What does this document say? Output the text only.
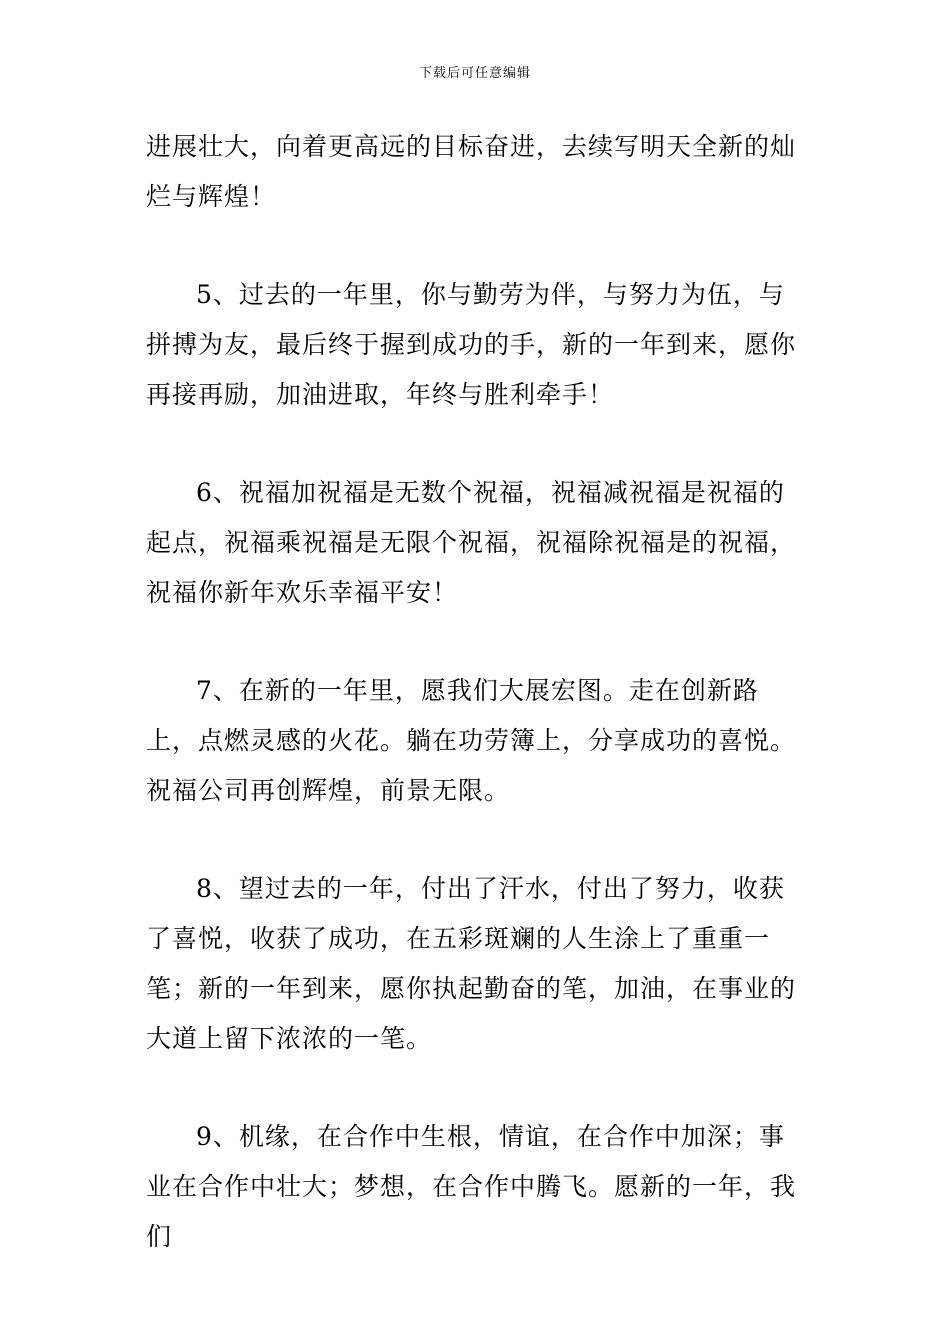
下载后可任意编辑

进展壮大，向着更高远的目标奋进，去续写明天全新的灿烂与辉煌！

5、过去的一年里，你与勤劳为伴，与努力为伍，与拼搏为友，最后终于握到成功的手，新的一年到来，愿你再接再励，加油进取，年终与胜利牵手！

6、祝福加祝福是无数个祝福，祝福减祝福是祝福的起点，祝福乘祝福是无限个祝福，祝福除祝福是的祝福，祝福你新年欢乐幸福平安！

7、在新的一年里，愿我们大展宏图。走在创新路上，点燃灵感的火花。躺在功劳簿上，分享成功的喜悦。祝福公司再创辉煌，前景无限。

8、望过去的一年，付出了汗水，付出了努力，收获了喜悦，收获了成功，在五彩斑斓的人生涂上了重重一笔；新的一年到来，愿你执起勤奋的笔，加油，在事业的大道上留下浓浓的一笔。

9、机缘，在合作中生根，情谊，在合作中加深；事业在合作中壮大；梦想，在合作中腾飞。愿新的一年，我们
